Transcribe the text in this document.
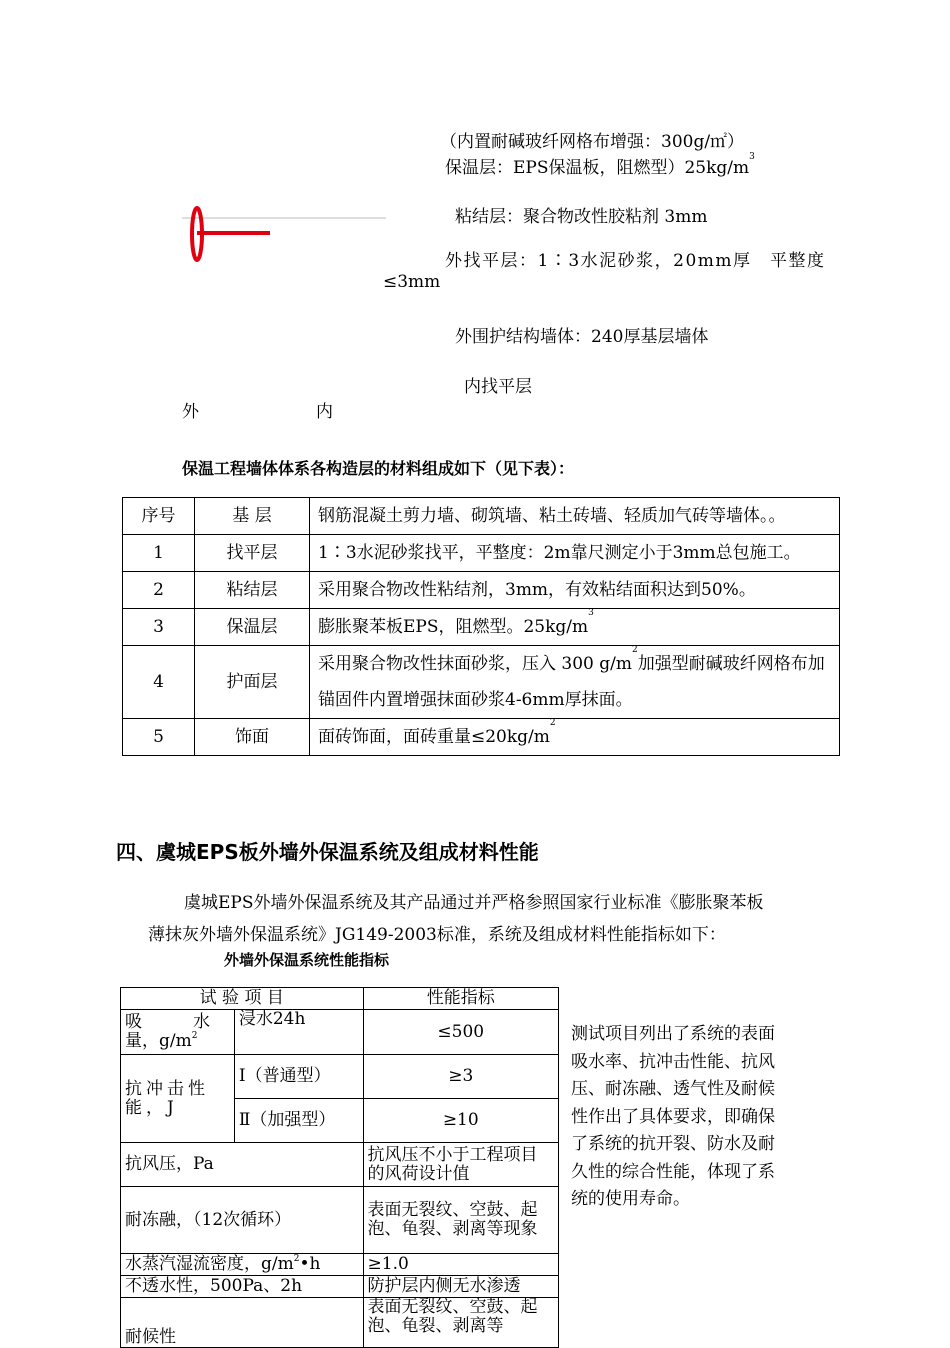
（内置耐碱玻纤网格布增强：300g/㎡）
保温层：EPS保温板，阻燃型）$25kg/m^3$
粘结层：聚合物改性胶粘剂 3mm
外找平层：1∶3水泥砂浆，20mm厚　平整度
≤3mm
外围护结构墙体：240厚基层墙体
内找平层
外	内
保温工程墙体体系各构造层的材料组成如下（见下表）：
序号	基 层	钢筋混凝土剪力墙、砌筑墙、粘土砖墙、轻质加气砖等墙体。。
1	找平层	1∶3水泥砂浆找平，平整度：2m靠尺测定小于3mm总包施工。
2	粘结层	采用聚合物改性粘结剂，3mm，有效粘结面积达到50%。
3	保温层	膨胀聚苯板EPS，阻燃型。$25kg/m^3$
4	护面层	采用聚合物改性抹面砂浆，压入 300 $g/m^2$加强型耐碱玻纤网格布加锚固件内置增强抹面砂浆4-6mm厚抹面。
5	饰面	面砖饰面，面砖重量$\le 20kg/m^2$
四、虞城EPS板外墙外保温系统及组成材料性能
虞城EPS外墙外保温系统及其产品通过并严格参照国家行业标准《膨胀聚苯板
薄抹灰外墙外保温系统》JG149-2003标准，系统及组成材料性能指标如下：
外墙外保温系统性能指标
试 验 项 目		性能指标
吸　　　水量，$g/m^2$	浸水24h	≤500
抗冲击性能，J	Ⅰ（普通型）	≥3
	Ⅱ（加强型）	≥10
抗风压，Pa		抗风压不小于工程项目的风荷设计值
耐冻融，（12次循环）		表面无裂纹、空鼓、起泡、龟裂、剥离等现象
水蒸汽湿流密度，$g/m^2•h$		≥1.0
不透水性，500Pa、2h		防护层内侧无水渗透
耐候性		表面无裂纹、空鼓、起泡、龟裂、剥离等
测试项目列出了系统的表面
吸水率、抗冲击性能、抗风
压、耐冻融、透气性及耐候
性作出了具体要求，即确保
了系统的抗开裂、防水及耐
久性的综合性能，体现了系
统的使用寿命。
